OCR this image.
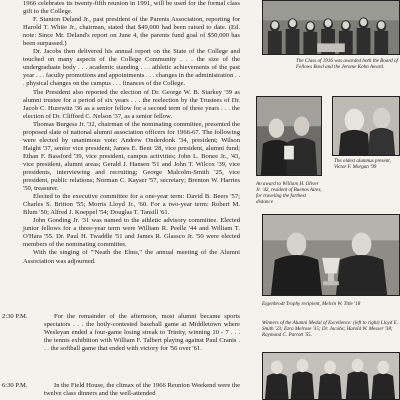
1966 celebrates its twenty-fifth reunion in 1991, will be used for the formal class gift to the College.

F. Stanton Deland Jr., past president of the Parents Association, reporting for Harold T. White Jr., chairman, stated that $49,000 had been raised to date. (Ed. note: Since Mr. Deland's report on June 4, the parents fund goal of $50,000 has been surpassed.)

Dr. Jacobs then delivered his annual report on the State of the College and touched on many aspects of the College Community . . . the size of the undergraduate body . . . academic standing . . . athletic achievements of the past year . . . faculty promotions and appointments . . . changes in the administration . . . physical changes on the campus . . . finances of the College.

The President also reported the election of Dr. George W. B. Starkey '39 as alumni trustee for a period of six years . . . the reelection by the Trustees of Dr. Jacob C. Hurewitz '36 as a senior fellow for a second term of three years . . . the election of Dr. Clifford C. Nelson '37, as a senior fellow.

Thomas Burgess Jr. '32, chairman of the nominating committee, presented the proposed slate of national alumni association officers for 1966-67. The following were elected by unanimous vote: Andrew Onderdonk '34, president; Wilson Haight '37, senior vice president; James E. Bent '28, vice president, alumni fund; Ethan F. Bassford '39, vice president, campus activities; John L. Bonee Jr., '43, vice president, alumni areas; Gerald J. Hansen '51 and John T. Wilcox '39, vice presidents, interviewing and recruiting; George Malcolm-Smith '25, vice president, public relations; Norman C. Kayser '57, secretary; Brenton W. Harries '50, treasurer.

Elected to the executive committee for a one-year term: David B. Beers '57; Charles S. Britton '55; Morris Lloyd Jr., '60. For a two-year term: Robert M. Blum '50; Alfred J. Koeppel '54; Douglas T. Tansill '61.

John Gooding Jr. '31 was named to the athletic advisory committee. Elected junior fellows for a three-year term were William R. Peelle '44 and William T. O'Hara '55. Dr. Paul H. Twaddle '51 and James R. Glassco Jr. '50 were elected members of the nominating committee.

With the singing of "'Neath the Elms," the annual meeting of the Alumni Association was adjourned.

2:30 P.M.	For the remainder of the afternoon, most alumni became sports spectators . . . the hotly-contested baseball game at Middletown where Wesleyan ended a four-game losing streak to Trinity, winning 10 - 7 . . . the tennis exhibition with William F. Talbert playing against Paul Cranis . . . the softball game that ended with victory for '56 over '61.
6:30 P.M.	In the Field House, the climax of the 1966 Reunion Weekend were the twelve class dinners and the well-attended
The Class of 1916 was awarded both the Board of Fellows Bowl and the Jerome Kohn Award.
An award to William H. Oliver Jr. '42, resident of Buenos Aires, for traveling the farthest distance
The oldest alumnus present, Victor F. Morgan '99
Eigenbrodt Trophy recipient, Melvin W. Title '18
Winners of the Alumni Medal of Excellence: (left to right) Lloyd E. Smith '23; Ezra Melrose '35; Dr. Jacobs; Harold W. Messer '38; Raymond C. Parrott '55.
